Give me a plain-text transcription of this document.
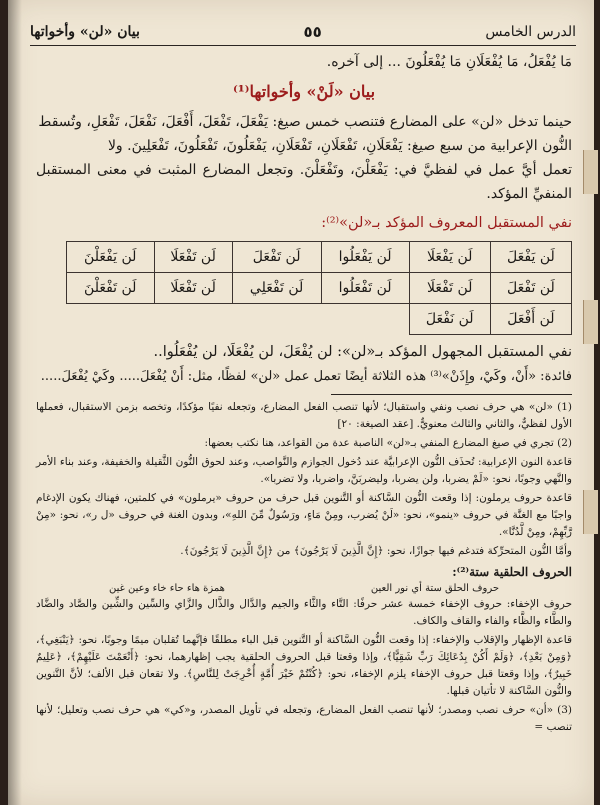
الدرس الخامس
٥٥
بيان «لن» وأخواتها

مَا يُفْعَلُ، مَا يُفْعَلَانِ مَا يُفْعَلُونَ ... إلى آخره.

بيان «لَنْ» وأخواتها⁽¹⁾

حينما تدخل «لن» على المضارع فتنصب خمس صيغ: يَفْعَلَ، تَفْعَلَ، أَفْعَلَ، نَفْعَلَ، تَفْعَلِ، وتُسقط

النُّون الإعرابية من سبع صيغ: يَفْعَلَانِ، تَفْعَلَانِ، تَفْعَلَانِ، يَفْعَلُونَ، تَفْعَلُونَ، تَفْعَلِينَ. ولا

تعمل أيَّ عمل في لفظيَّ في: يَفْعَلْنَ، وتَفْعَلْنَ. وتجعل المضارع المثبت في معنى المستقبل المنفيِّ المؤكد.

نفي المستقبل المعروف المؤكد بـ«لن»⁽²⁾:

لَن يَفْعَلَ	لَن يَفْعَلَا	لَن يَفْعَلُوا	لَن تَفْعَلَ	لَن تَفْعَلَا	لَن يَفْعَلْنَ
لَن تَفْعَلَ	لَن تَفْعَلَا	لَن تَفْعَلُوا	لَن تَفْعَلِي	لَن تَفْعَلَا	لَن تَفْعَلْنَ
لَن أَفْعَلَ	لَن نَفْعَلَ				

نفي المستقبل المجهول المؤكد بـ«لن»: لن يُفْعَلَ، لن يُفْعَلَا، لن يُفْعَلُوا..

فائدة: «أَنْ، وكَيْ، وإِذَنْ»⁽³⁾ هذه الثلاثة أيضًا تعمل عمل «لن» لفظًا، مثل: أَنْ يُفْعَلَ..... وكَيْ يُفْعَلَ.....

(1) «لن» هي حرف نصب ونفي واستقبال؛ لأنها تنصب الفعل المضارع، وتجعله نفيًا مؤكدًا، وتخصه بزمن الاستقبال، فعملها الأول لفظيٌّ، والثاني والثالث معنويٌّ. [عقد الصيغة: ٢٠]

(2) تجري في صيغ المضارع المنفي بـ«لن» الناصبة عدة من القواعد، هنا نكتب بعضها:

قاعدة النون الإعرابية: تُحذَف النُّون الإعرابيَّة عند دُخول الجوازم والنَّواصب، وعند لحوق النُّون الثَّقيلة والخفيفة، وعند بناء الأمر والنَّهي وجوبًا، نحو: «لَمْ يضربا، ولن يضربا، وليضربَنَّ، واضربا، ولا تضربا».

قاعدة حروف يرملون: إذا وقعت النُّون السَّاكنة أو التَّنوين قبل حرف من حروف «يرملون» في كلمتين، فهناك يكون الإدغام واجبًا مع الغنَّة في حروف «ينمو»، نحو: «لَنْ يُضرب، ومِنْ مَاءٍ، ورَسُولٌ مِّنَ اللهِ»، وبدون الغنة في حروف «ل ر»، نحو: «مِنْ رَّبِّهِمْ، ومِنْ لَّدُنَّا».

وأمَّا النُّون المتحرِّكة فتدغم فيها جوازًا، نحو: ﴿إِنَّ الَّذِينَ لَا يَرْجُونَ﴾ من ﴿إِنَّ الَّذِينَ لَا يَرْجُونَ﴾.

الحروف الحلقية ستة⁽²⁾:

حروف الحلق ستة أي نور العين
همزة هاء حاء خاء وعين غين

حروف الإخفاء: حروف الإخفاء خمسة عشر حرفًا: التَّاء والثَّاء والجيم والدَّال والذَّال والزَّاي والسِّين والشِّين والصَّاد والضَّاد والطَّاء والظَّاء والفاء والقاف والكاف.

قاعدة الإظهار والإقلاب والإخفاء: إذا وقعت النُّون السَّاكنة أو التَّنوين قبل الباء مطلقًا فإنَّهما تُقلبان ميمًا وجوبًا، نحو: ﴿يَنْبَغِي﴾، ﴿وَمِنْ بَعْدِ﴾، ﴿وَلَمْ أَكُنْ بِدُعَائِكَ رَبِّ شَقِيًّا﴾، وإذا وقعتا قبل الحروف الحلقية يجب إظهارهما، نحو: ﴿أَنْعَمْتَ عَلَيْهِمْ﴾، ﴿عَلِيمٌ خَبِيرٌ﴾، وإذا وقعتا قبل حروف الإخفاء يلزم الإخفاء، نحو: ﴿كُنْتُمْ خَيْرَ أُمَّةٍ أُخْرِجَتْ لِلنَّاسِ﴾. ولا تقعان قبل الألف؛ لأنَّ التَّنوين والنُّون السَّاكنة لا تأتيان قبلها.

(3) «أن» حرف نصب ومصدر؛ لأنها تنصب الفعل المضارع، وتجعله في تأويل المصدر، و«كي» هي حرف نصب وتعليل؛ لأنها تنصب =
